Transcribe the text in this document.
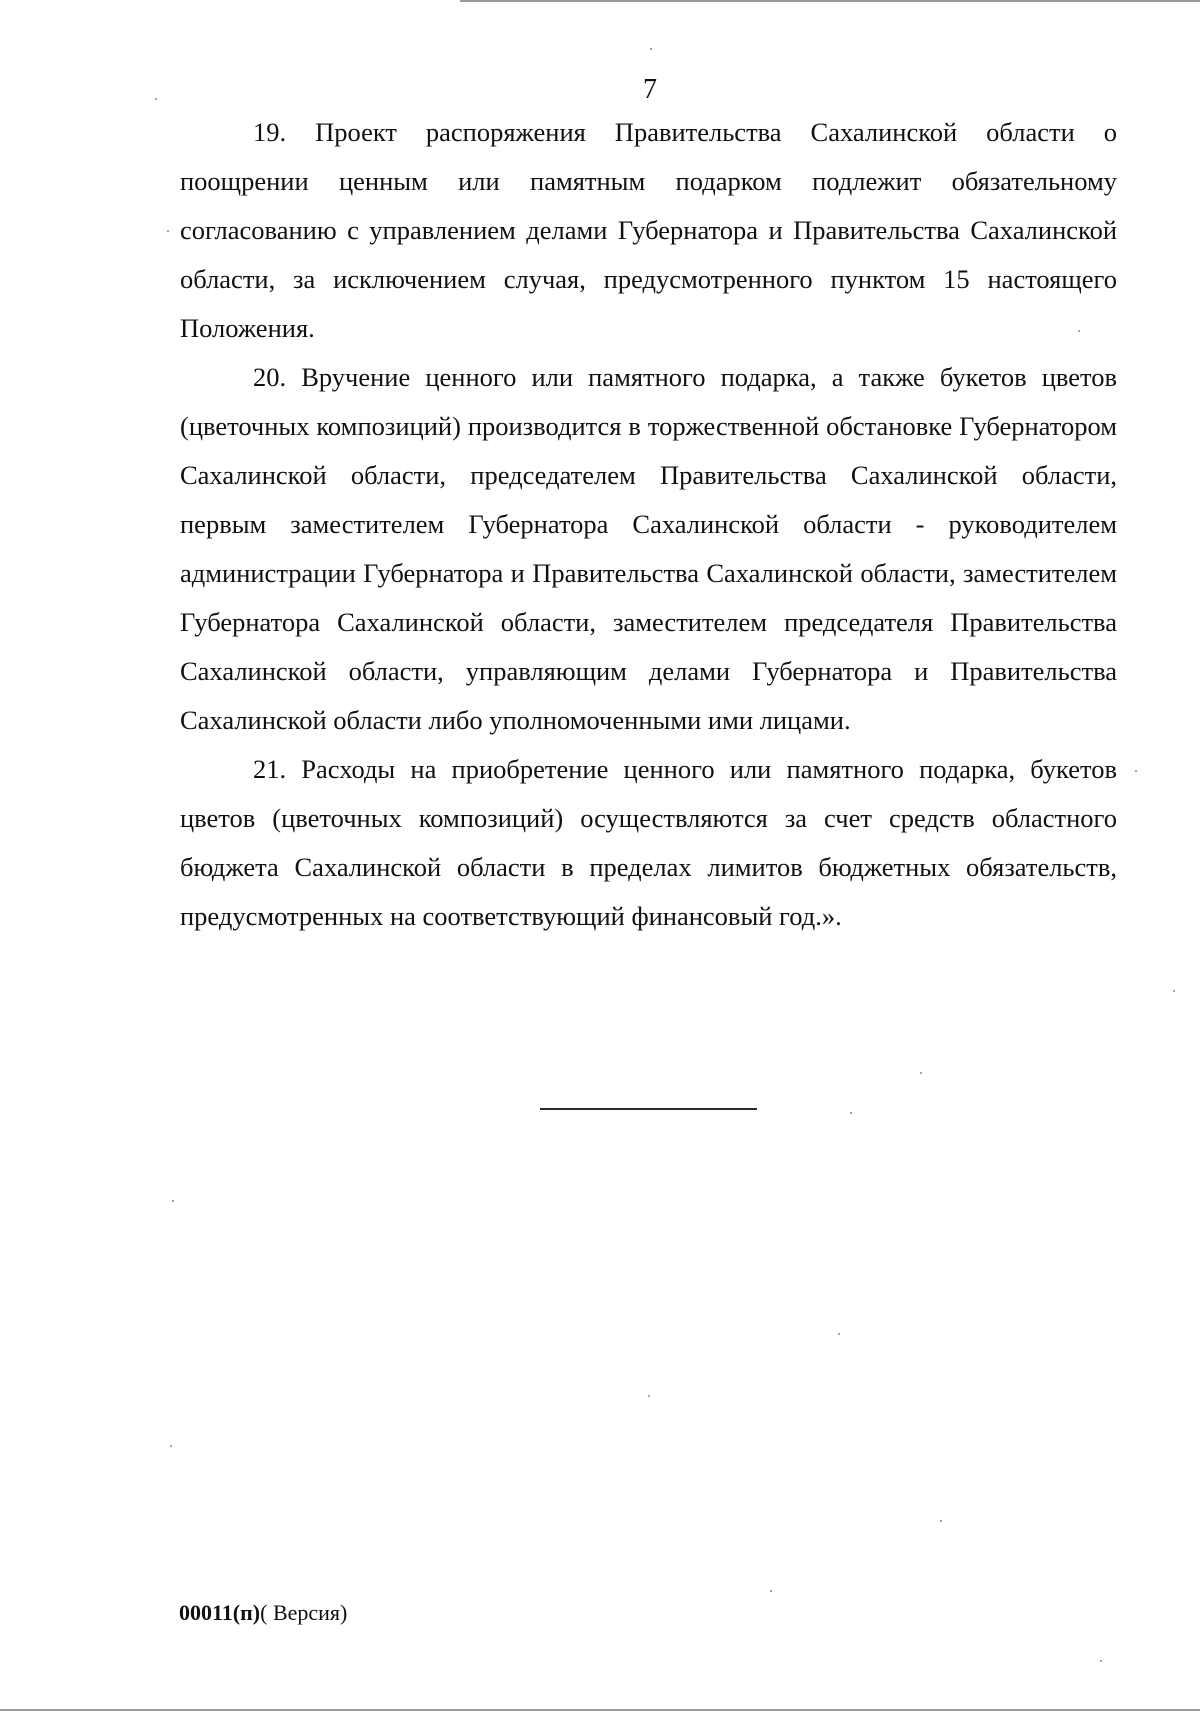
7

19. Проект распоряжения Правительства Сахалинской области о поощрении ценным или памятным подарком подлежит обязательному согласованию с управлением делами Губернатора и Правительства Сахалинской области, за исключением случая, предусмотренного пунктом 15 настоящего Положения.

20. Вручение ценного или памятного подарка, а также букетов цветов (цветочных композиций) производится в торжественной обстановке Губернатором Сахалинской области, председателем Правительства Сахалинской области, первым заместителем Губернатора Сахалинской области - руководителем администрации Губернатора и Правительства Сахалинской области, заместителем Губернатора Сахалинской области, заместителем председателя Правительства Сахалинской области, управляющим делами Губернатора и Правительства Сахалинской области либо уполномоченными ими лицами.

21. Расходы на приобретение ценного или памятного подарка, букетов цветов (цветочных композиций) осуществляются за счет средств областного бюджета Сахалинской области в пределах лимитов бюджетных обязательств, предусмотренных на соответствующий финансовый год.».

00011(п)( Версия)
